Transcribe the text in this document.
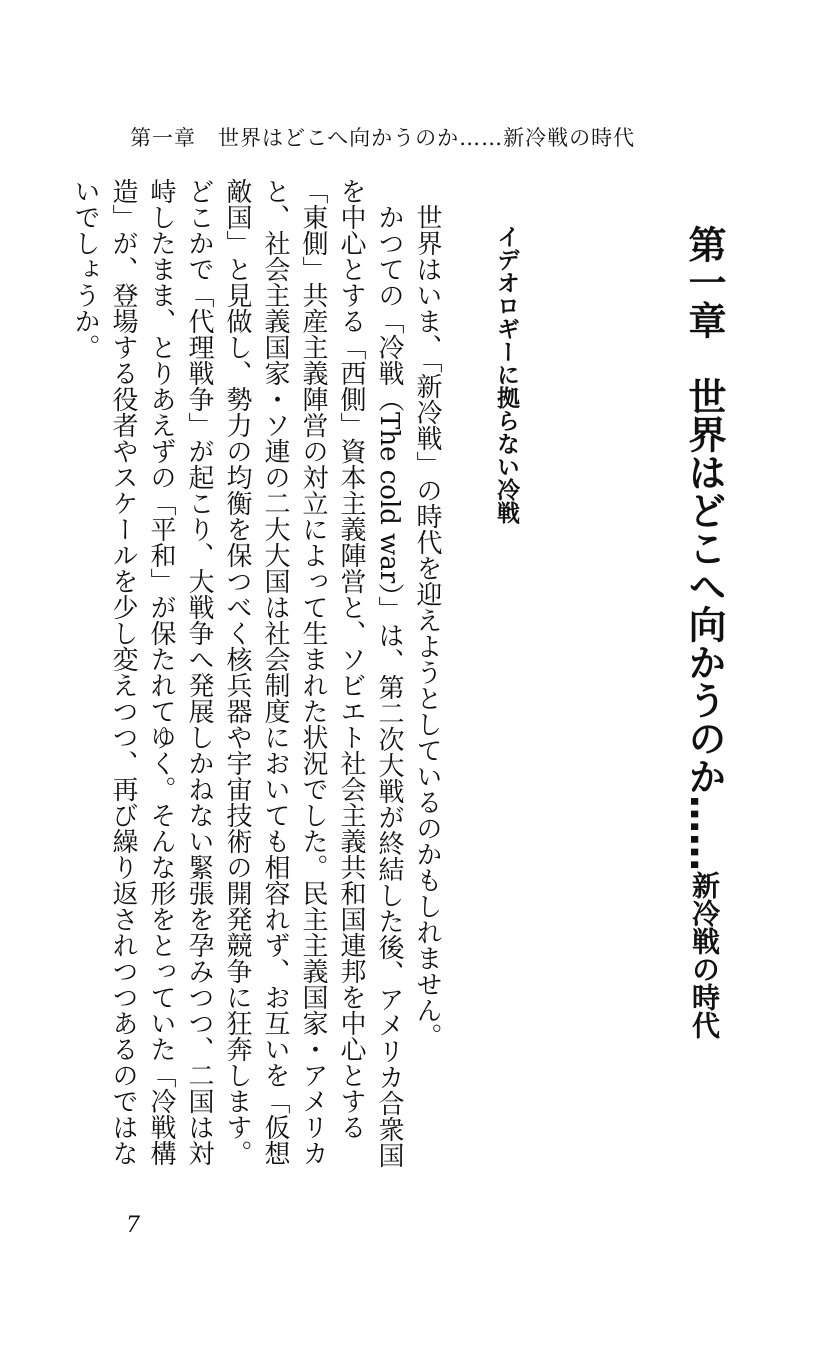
第一章　世界はどこへ向かうのか……新冷戦の時代
第一章　世界はどこへ向かうのか……新冷戦の時代
イデオロギーに拠らない冷戦

世界はいま、「新冷戦」の時代を迎えようとしているのかもしれません。

かつての「冷戦（The cold war）」は、第二次大戦が終結した後、アメリカ合衆国を中心とする「西側」資本主義陣営と、ソビエト社会主義共和国連邦を中心とする「東側」共産主義陣営の対立によって生まれた状況でした。民主主義国家・アメリカと、社会主義国家・ソ連の二大大国は社会制度においても相容れず、お互いを「仮想敵国」と見做し、勢力の均衡を保つべく核兵器や宇宙技術の開発競争に狂奔します。どこかで「代理戦争」が起こり、大戦争へ発展しかねない緊張を孕みつつ、二国は対峙したまま、とりあえずの「平和」が保たれてゆく。そんな形をとっていた「冷戦構造」が、登場する役者やスケールを少し変えつつ、再び繰り返されつつあるのではないでしょうか。

7
